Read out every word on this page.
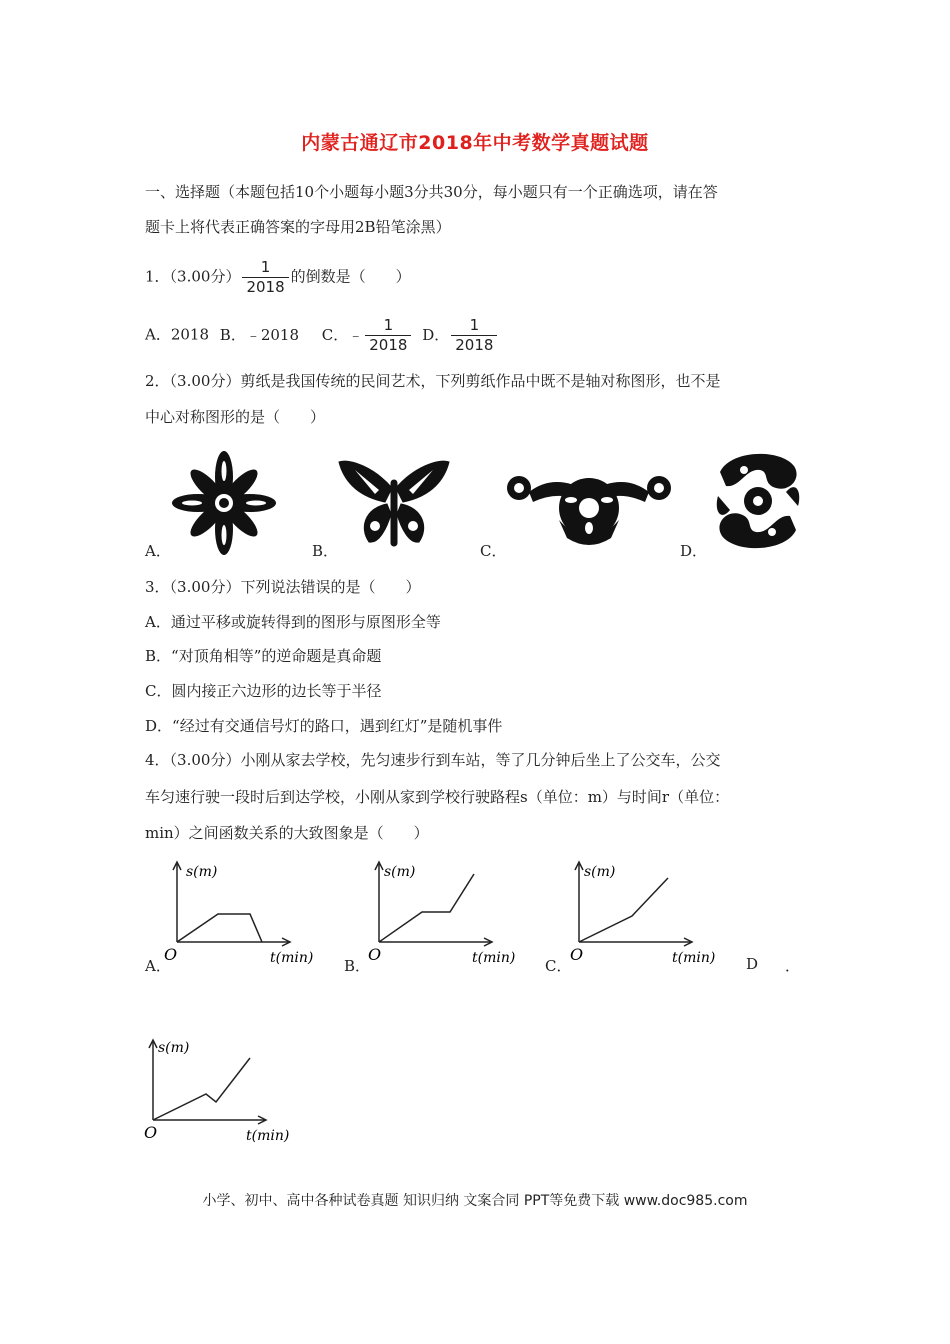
内蒙古通辽市2018年中考数学真题试题
一、选择题（本题包括10个小题每小题3分共30分，每小题只有一个正确选项，请在答
题卡上将代表正确答案的字母用2B铅笔涂黑）
1．（3.00分） $\frac{1}{2018}$ 的倒数是（　　）
A．2018 B．﹣2018 C．﹣ $\frac{1}{2018}$ D． $\frac{1}{2018}$
2．（3.00分）剪纸是我国传统的民间艺术，下列剪纸作品中既不是轴对称图形，也不是
中心对称图形的是（　　）
A．	B．	C．	D．
3．（3.00分）下列说法错误的是（　　）
A．通过平移或旋转得到的图形与原图形全等
B．“对顶角相等”的逆命题是真命题
C．圆内接正六边形的边长等于半径
D．“经过有交通信号灯的路口，遇到红灯”是随机事件
4．（3.00分）小刚从家去学校，先匀速步行到车站，等了几分钟后坐上了公交车，公交
车匀速行驶一段时后到达学校，小刚从家到学校行驶路程s（单位：m）与时间r（单位：
min）之间函数关系的大致图象是（　　）
s(m)
O	t(min)
A．
s(m)
O	t(min)
B．
s(m)
O	t(min)
C．	D ．
s(m)
O	t(min)
小学、初中、高中各种试卷真题 知识归纳 文案合同 PPT等免费下载 www.doc985.com
